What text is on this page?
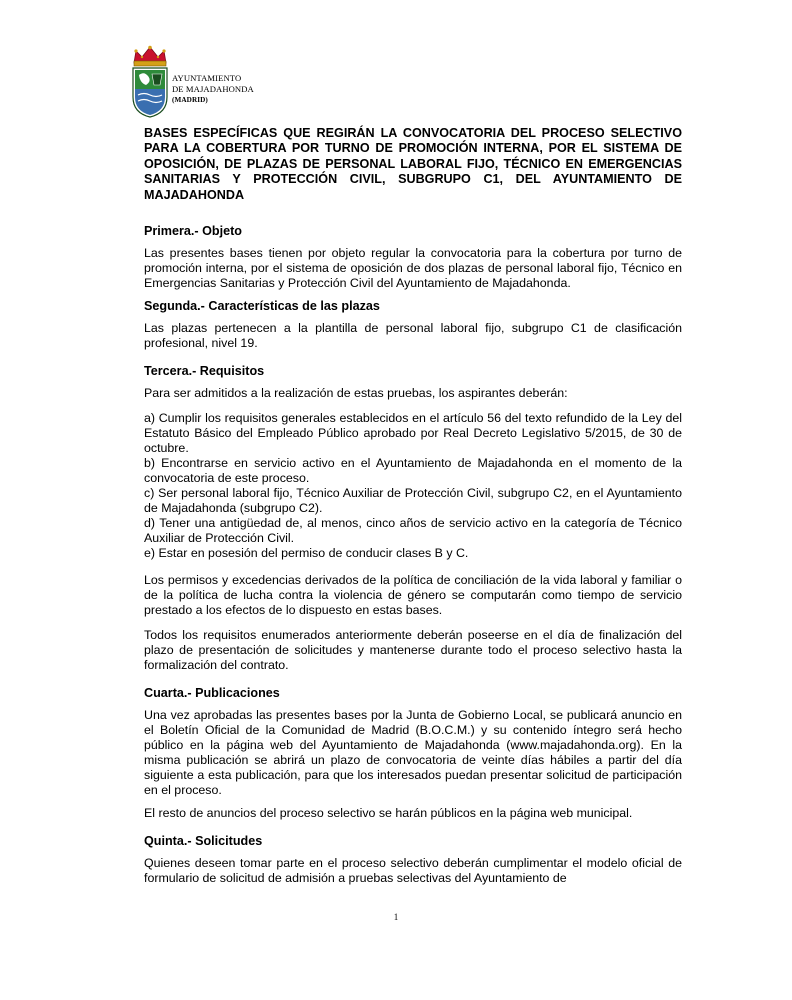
AYUNTAMIENTO
DE MAJADAHONDA
(MADRID)

BASES ESPECÍFICAS QUE REGIRÁN LA CONVOCATORIA DEL PROCESO SELECTIVO PARA LA COBERTURA POR TURNO DE PROMOCIÓN INTERNA, POR EL SISTEMA DE OPOSICIÓN, DE PLAZAS DE PERSONAL LABORAL FIJO, TÉCNICO EN EMERGENCIAS SANITARIAS Y PROTECCIÓN CIVIL, SUBGRUPO C1, DEL AYUNTAMIENTO DE MAJADAHONDA

Primera.- Objeto

Las presentes bases tienen por objeto regular la convocatoria para la cobertura por turno de promoción interna, por el sistema de oposición de dos plazas de personal laboral fijo, Técnico en Emergencias Sanitarias y Protección Civil del Ayuntamiento de Majadahonda.

Segunda.- Características de las plazas

Las plazas pertenecen a la plantilla de personal laboral fijo, subgrupo C1 de clasificación profesional, nivel 19.

Tercera.- Requisitos

Para ser admitidos a la realización de estas pruebas, los aspirantes deberán:

a) Cumplir los requisitos generales establecidos en el artículo 56 del texto refundido de la Ley del Estatuto Básico del Empleado Público aprobado por Real Decreto Legislativo 5/2015, de 30 de octubre.

b) Encontrarse en servicio activo en el Ayuntamiento de Majadahonda en el momento de la convocatoria de este proceso.

c) Ser personal laboral fijo, Técnico Auxiliar de Protección Civil, subgrupo C2, en el Ayuntamiento de Majadahonda (subgrupo C2).

d) Tener una antigüedad de, al menos, cinco años de servicio activo en la categoría de Técnico Auxiliar de Protección Civil.

e) Estar en posesión del permiso de conducir clases B y C.

Los permisos y excedencias derivados de la política de conciliación de la vida laboral y familiar o de la política de lucha contra la violencia de género se computarán como tiempo de servicio prestado a los efectos de lo dispuesto en estas bases.

Todos los requisitos enumerados anteriormente deberán poseerse en el día de finalización del plazo de presentación de solicitudes y mantenerse durante todo el proceso selectivo hasta la formalización del contrato.

Cuarta.- Publicaciones

Una vez aprobadas las presentes bases por la Junta de Gobierno Local, se publicará anuncio en el Boletín Oficial de la Comunidad de Madrid (B.O.C.M.) y su contenido íntegro será hecho público en la página web del Ayuntamiento de Majadahonda (www.majadahonda.org). En la misma publicación se abrirá un plazo de convocatoria de veinte días hábiles a partir del día siguiente a esta publicación, para que los interesados puedan presentar solicitud de participación en el proceso.

El resto de anuncios del proceso selectivo se harán públicos en la página web municipal.

Quinta.- Solicitudes

Quienes deseen tomar parte en el proceso selectivo deberán cumplimentar el modelo oficial de formulario de solicitud de admisión a pruebas selectivas del Ayuntamiento de

1
